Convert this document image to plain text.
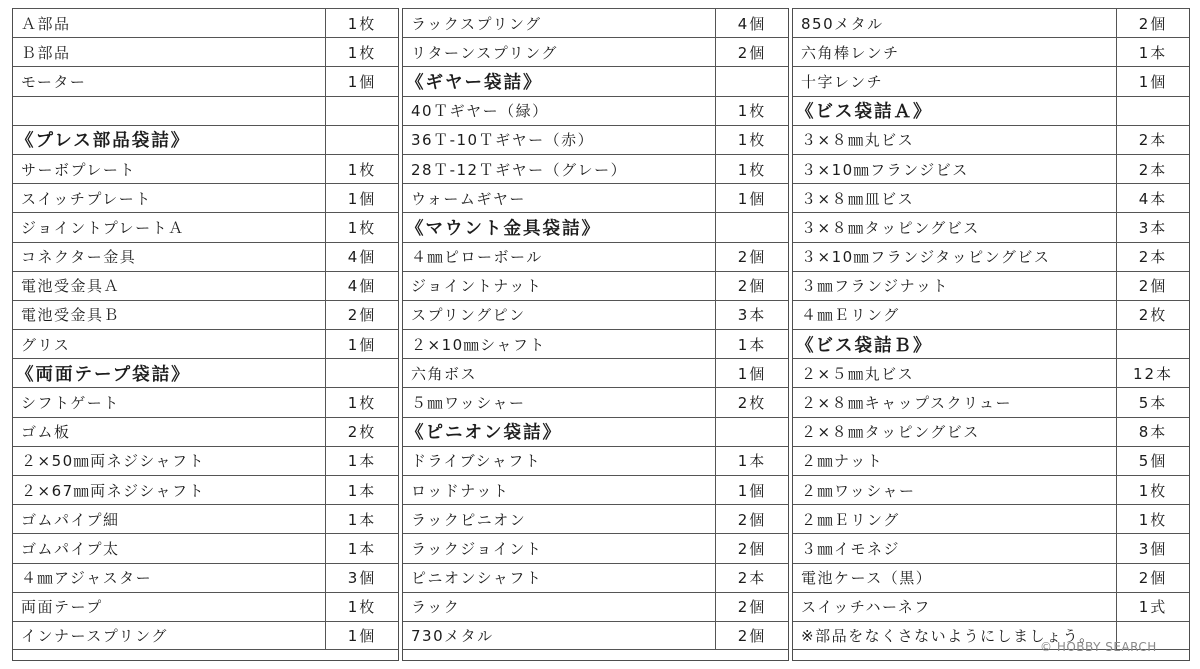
Ａ部品	1枚
Ｂ部品	1枚
モーター	1個
《プレス部品袋詰》
サーボプレート	1枚
スイッチプレート	1個
ジョイントプレートＡ	1枚
コネクター金具	4個
電池受金具Ａ	4個
電池受金具Ｂ	2個
グリス	1個
《両面テープ袋詰》
シフトゲート	1枚
ゴム板	2枚
２×50㎜両ネジシャフト	1本
２×67㎜両ネジシャフト	1本
ゴムパイプ細	1本
ゴムパイプ太	1本
４㎜アジャスター	3個
両面テープ	1枚
インナースプリング	1個
ラックスプリング	4個
リターンスプリング	2個
《ギヤー袋詰》
40Ｔギヤー（緑）	1枚
36Ｔ-10Ｔギヤー（赤）	1枚
28Ｔ-12Ｔギヤー（グレー）	1枚
ウォームギヤー	1個
《マウント金具袋詰》
４㎜ピローボール	2個
ジョイントナット	2個
スプリングピン	3本
２×10㎜シャフト	1本
六角ボス	1個
５㎜ワッシャー	2枚
《ピニオン袋詰》
ドライブシャフト	1本
ロッドナット	1個
ラックピニオン	2個
ラックジョイント	2個
ピニオンシャフト	2本
ラック	2個
730メタル	2個
850メタル	2個
六角棒レンチ	1本
十字レンチ	1個
《ビス袋詰Ａ》
３×８㎜丸ビス	2本
３×10㎜フランジビス	2本
３×８㎜皿ビス	4本
３×８㎜タッピングビス	3本
３×10㎜フランジタッピングビス	2本
３㎜フランジナット	2個
４㎜Ｅリング	2枚
《ビス袋詰Ｂ》
２×５㎜丸ビス	12本
２×８㎜キャップスクリュー	5本
２×８㎜タッピングビス	8本
２㎜ナット	5個
２㎜ワッシャー	1枚
２㎜Ｅリング	1枚
３㎜イモネジ	3個
電池ケース（黒）	2個
スイッチハーネフ	1式
※部品をなくさないようにしましょう。
© HOBBY SEARCH
